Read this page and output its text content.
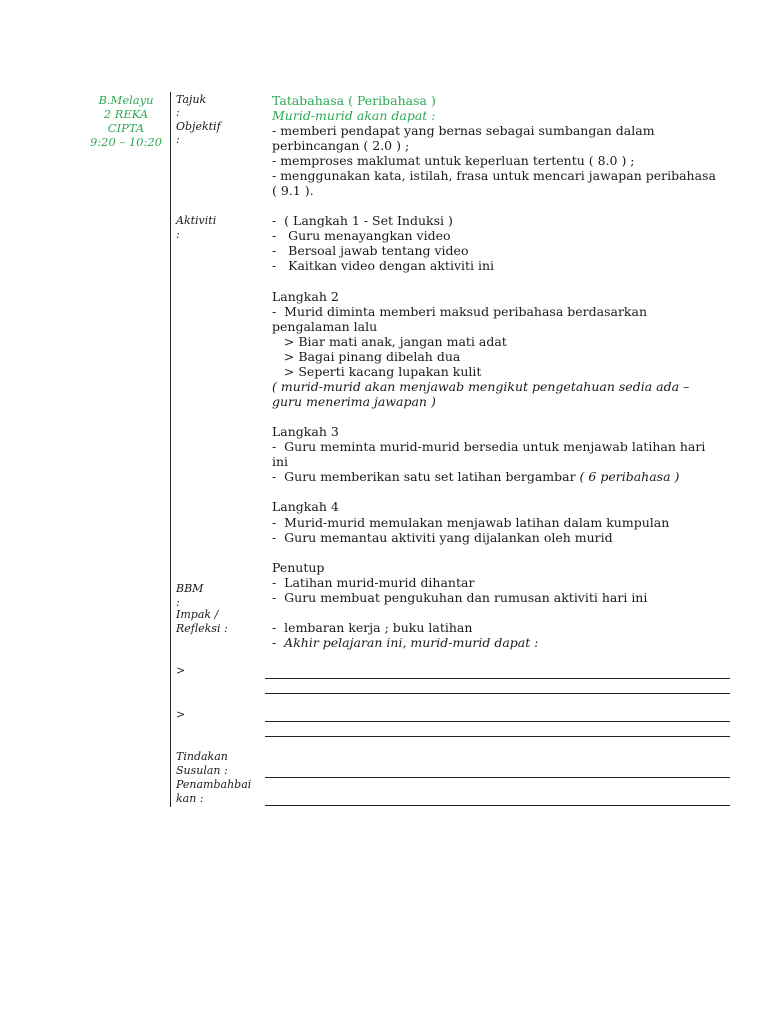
B.Melayu
2 REKA
CIPTA
9:20 – 10:20
Tajuk
:
Objektif
:
Aktiviti
:
BBM
:
Impak /
Refleksi :
>
>
Tindakan
Susulan :
Penambahbai
kan :
Tatabahasa ( Peribahasa )
Murid-murid akan dapat :
- memberi pendapat yang bernas sebagai sumbangan dalam
perbincangan ( 2.0 ) ;
- memproses maklumat untuk keperluan tertentu ( 8.0 ) ;
- menggunakan kata, istilah, frasa untuk mencari jawapan peribahasa
( 9.1 ).
-  ( Langkah 1 - Set Induksi )
-   Guru menayangkan video
-   Bersoal jawab tentang video
-   Kaitkan video dengan aktiviti ini
Langkah 2
-  Murid diminta memberi maksud peribahasa berdasarkan
pengalaman lalu
> Biar mati anak, jangan mati adat
> Bagai pinang dibelah dua
> Seperti kacang lupakan kulit
( murid-murid akan menjawab mengikut pengetahuan sedia ada –
guru menerima jawapan )
Langkah 3
-  Guru meminta murid-murid bersedia untuk menjawab latihan hari
ini
-  Guru memberikan satu set latihan bergambar ( 6 peribahasa )
Langkah 4
-  Murid-murid memulakan menjawab latihan dalam kumpulan
-  Guru memantau aktiviti yang dijalankan oleh murid
Penutup
-  Latihan murid-murid dihantar
-  Guru membuat pengukuhan dan rumusan aktiviti hari ini
-  lembaran kerja ; buku latihan
-  Akhir pelajaran ini, murid-murid dapat :
